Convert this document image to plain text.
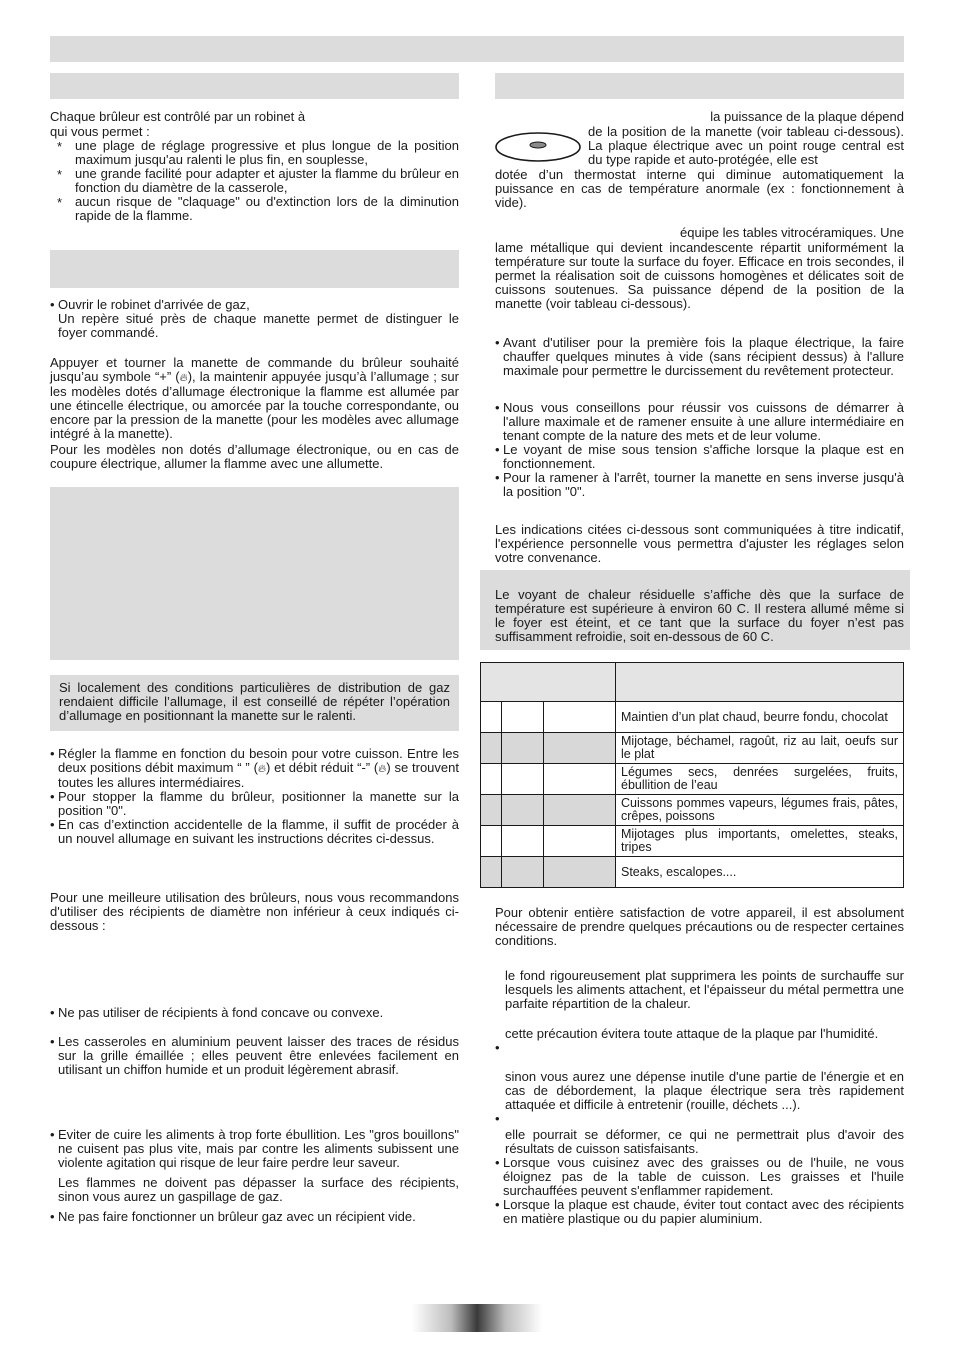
Chaque brûleur est contrôlé par un robinet à

qui vous permet :

* une plage de réglage progressive et plus longue de la position maximum jusqu'au ralenti le plus fin, en souplesse,
* une grande facilité pour adapter et ajuster la flamme du brûleur en fonction du diamètre de la casserole,
* aucun risque de "claquage" ou d'extinction lors de la diminution rapide de la flamme.
• Ouvrir le robinet d'arrivée de gaz,
Un repère situé près de chaque manette permet de distinguer le foyer commandé.

Appuyer et tourner la manette de commande du brûleur souhaité jusqu’au symbole “+” (🔥︎), la maintenir appuyée jusqu’à l’allumage ; sur les modèles dotés d’allumage électronique la flamme est allumée par une étincelle électrique, ou amorcée par la touche correspondante, ou encore par la pression de la manette (pour les modèles avec allumage intégré à la manette).

Pour les modèles non dotés d’allumage électronique, ou en cas de coupure électrique, allumer la flamme avec une allumette.

Si localement des conditions particulières de distribution de gaz rendaient difficile l’allumage, il est conseillé de répéter l’opération d’allumage en positionnant la manette sur le ralenti.

• Régler la flamme en fonction du besoin pour votre cuisson. Entre les deux positions débit maximum “ ” (🔥︎) et débit réduit “-” (🔥︎) se trouvent toutes les allures intermédiaires.
• Pour stopper la flamme du brûleur, positionner la manette sur la position "0".
• En cas d’extinction accidentelle de la flamme, il suffit de procéder à un nouvel allumage en suivant les instructions décrites ci-dessus.

Pour une meilleure utilisation des brûleurs, nous vous recommandons d'utiliser des récipients de diamètre non inférieur à ceux indiqués ci-dessous :

• Ne pas utiliser de récipients à fond concave ou convexe.
• Les casseroles en aluminium peuvent laisser des traces de résidus sur la grille émaillée ; elles peuvent être enlevées facilement en utilisant un chiffon humide et un produit légèrement abrasif.
• Eviter de cuire les aliments à trop forte ébullition. Les "gros bouillons" ne cuisent pas plus vite, mais par contre les aliments subissent une violente agitation qui risque de leur faire perdre leur saveur.
Les flammes ne doivent pas dépasser la surface des récipients, sinon vous aurez un gaspillage de gaz.
• Ne pas faire fonctionner un brûleur gaz avec un récipient vide.

la puissance de la plaque dépend

de la position de la manette (voir tableau ci-dessous). La plaque électrique avec un point rouge central est du type rapide et auto-protégée, elle est

dotée d’un thermostat interne qui diminue automatiquement la puissance en cas de température anormale (ex : fonctionnement à vide).

équipe les tables vitrocéramiques. Une

lame métallique qui devient incandescente répartit uniformément la température sur toute la surface du foyer. Efficace en trois secondes, il permet la réalisation soit de cuissons homogènes et délicates soit de cuissons soutenues. Sa puissance dépend de la position de la manette (voir tableau ci-dessous).

• Avant d'utiliser pour la première fois la plaque électrique, la faire chauffer quelques minutes à vide (sans récipient dessus) à l'allure maximale pour permettre le durcissement du revêtement protecteur.
• Nous vous conseillons pour réussir vos cuissons de démarrer à l'allure maximale et de ramener ensuite à une allure intermédiaire en tenant compte de la nature des mets et de leur volume.
• Le voyant de mise sous tension s'affiche lorsque la plaque est en fonctionnement.
• Pour la ramener à l'arrêt, tourner la manette en sens inverse jusqu'à la position "0".

Les indications citées ci-dessous sont communiquées à titre indicatif, l'expérience personnelle vous permettra d'ajuster les réglages selon votre convenance.

Le voyant de chaleur résiduelle s’affiche dès que la surface de température est supérieure à environ 60 C. Il restera allumé même si le foyer est éteint, et ce tant que la surface du foyer n’est pas suffisamment refroidie, soit en-dessous de 60 C.

			Maintien d’un plat chaud, beurre fondu, chocolat
			Mijotage, béchamel, ragoût, riz au lait, oeufs sur le plat
			Légumes secs, denrées surgelées, fruits, ébullition de l’eau
			Cuissons pommes vapeurs, légumes frais, pâtes, crêpes, poissons
			Mijotages plus importants, omelettes, steaks, tripes
			Steaks, escalopes....

Pour obtenir entière satisfaction de votre appareil, il est absolument nécessaire de prendre quelques précautions ou de respecter certaines conditions.

le fond rigoureusement plat supprimera les points de surchauffe sur lesquels les aliments attachent, et l'épaisseur du métal permettra une parfaite répartition de la chaleur.

cette précaution évitera toute attaque de la plaque par l'humidité.

sinon vous aurez une dépense inutile d'une partie de l'énergie et en cas de débordement, la plaque électrique sera très rapidement attaquée et difficile à entretenir (rouille, déchets ...).

elle pourrait se déformer, ce qui ne permettrait plus d'avoir des résultats de cuisson satisfaisants.

• Lorsque vous cuisinez avec des graisses ou de l'huile, ne vous éloignez pas de la table de cuisson. Les graisses et l'huile surchauffées peuvent s'enflammer rapidement.
• Lorsque la plaque est chaude, éviter tout contact avec des récipients en matière plastique ou du papier aluminium.
